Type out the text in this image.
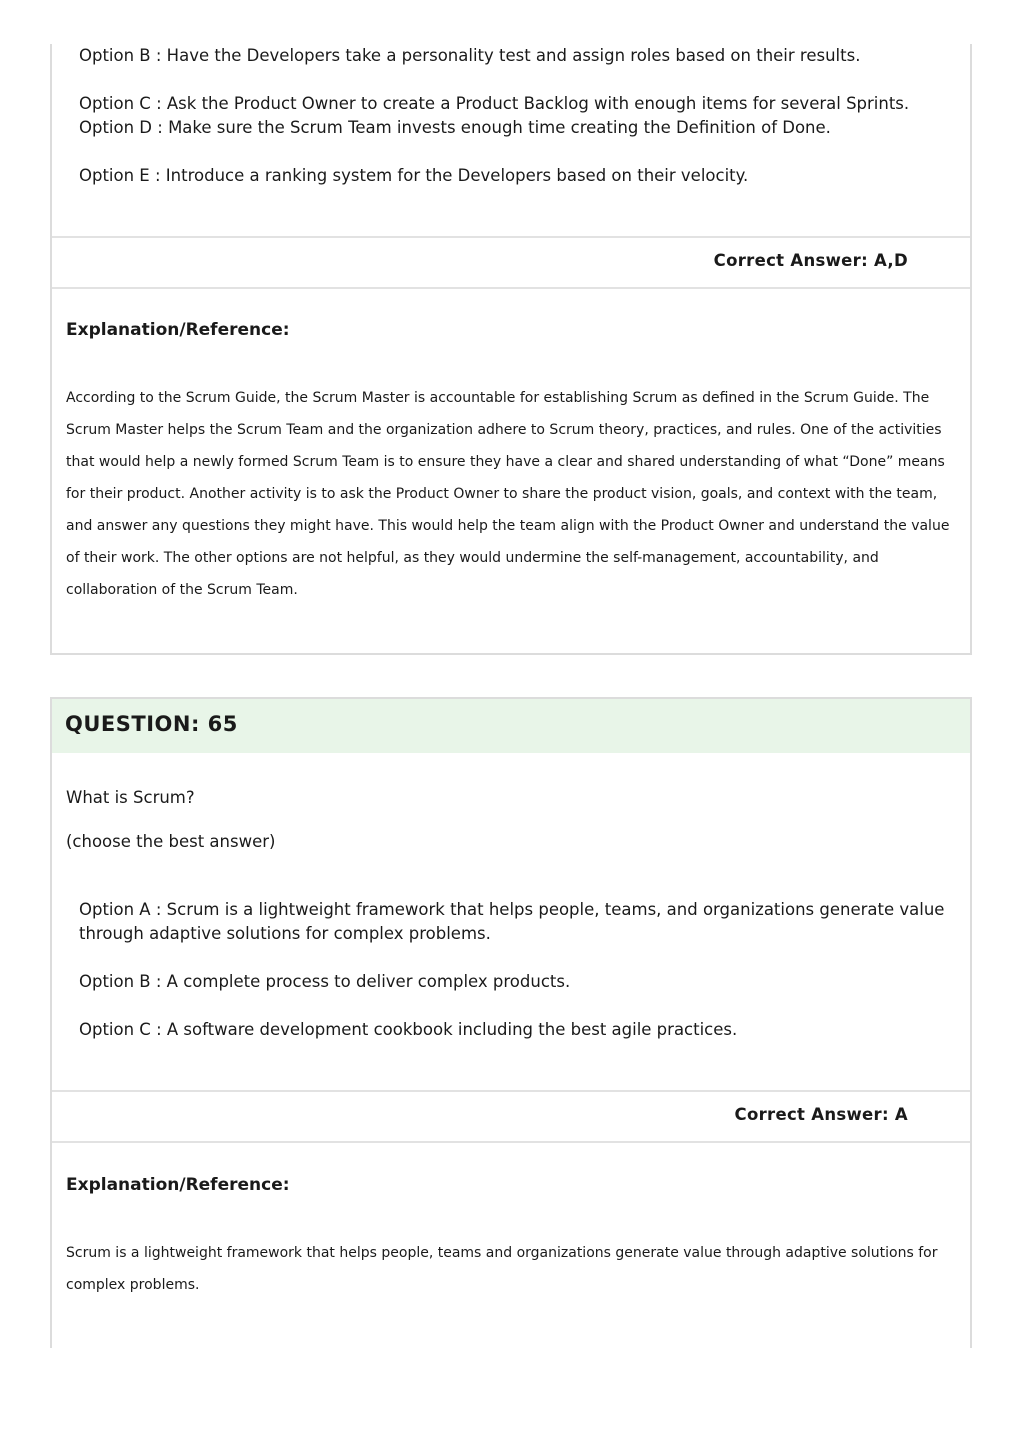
Option B : Have the Developers take a personality test and assign roles based on their results.
Option C : Ask the Product Owner to create a Product Backlog with enough items for several Sprints.
Option D : Make sure the Scrum Team invests enough time creating the Definition of Done.
Option E : Introduce a ranking system for the Developers based on their velocity.
Correct Answer: A,D
Explanation/Reference:
According to the Scrum Guide, the Scrum Master is accountable for establishing Scrum as defined in the Scrum Guide. The
Scrum Master helps the Scrum Team and the organization adhere to Scrum theory, practices, and rules. One of the activities
that would help a newly formed Scrum Team is to ensure they have a clear and shared understanding of what “Done” means
for their product. Another activity is to ask the Product Owner to share the product vision, goals, and context with the team,
and answer any questions they might have. This would help the team align with the Product Owner and understand the value
of their work. The other options are not helpful, as they would undermine the self-management, accountability, and
collaboration of the Scrum Team.
QUESTION: 65
What is Scrum?
(choose the best answer)
Option A : Scrum is a lightweight framework that helps people, teams, and organizations generate value
through adaptive solutions for complex problems.
Option B : A complete process to deliver complex products.
Option C : A software development cookbook including the best agile practices.
Correct Answer: A
Explanation/Reference:
Scrum is a lightweight framework that helps people, teams and organizations generate value through adaptive solutions for
complex problems.
